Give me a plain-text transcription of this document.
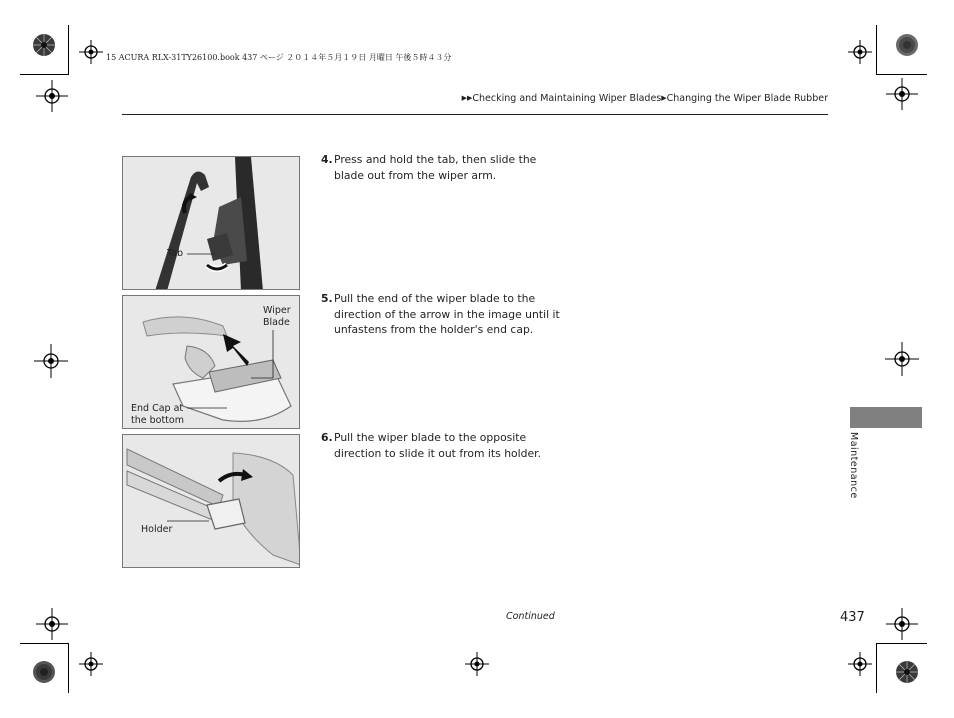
15 ACURA RLX-31TY26100.book 437 ページ ２０１４年５月１９日 月曜日 午後５時４３分
▶▶Checking and Maintaining Wiper Blades▶Changing the Wiper Blade Rubber
Tab
Wiper
Blade
End Cap at
the bottom
Holder
4.Press and hold the tab, then slide the
blade out from the wiper arm.
5.Pull the end of the wiper blade to the
direction of the arrow in the image until it
unfastens from the holder's end cap.
6.Pull the wiper blade to the opposite
direction to slide it out from its holder.	Maintenance
Continued	437
